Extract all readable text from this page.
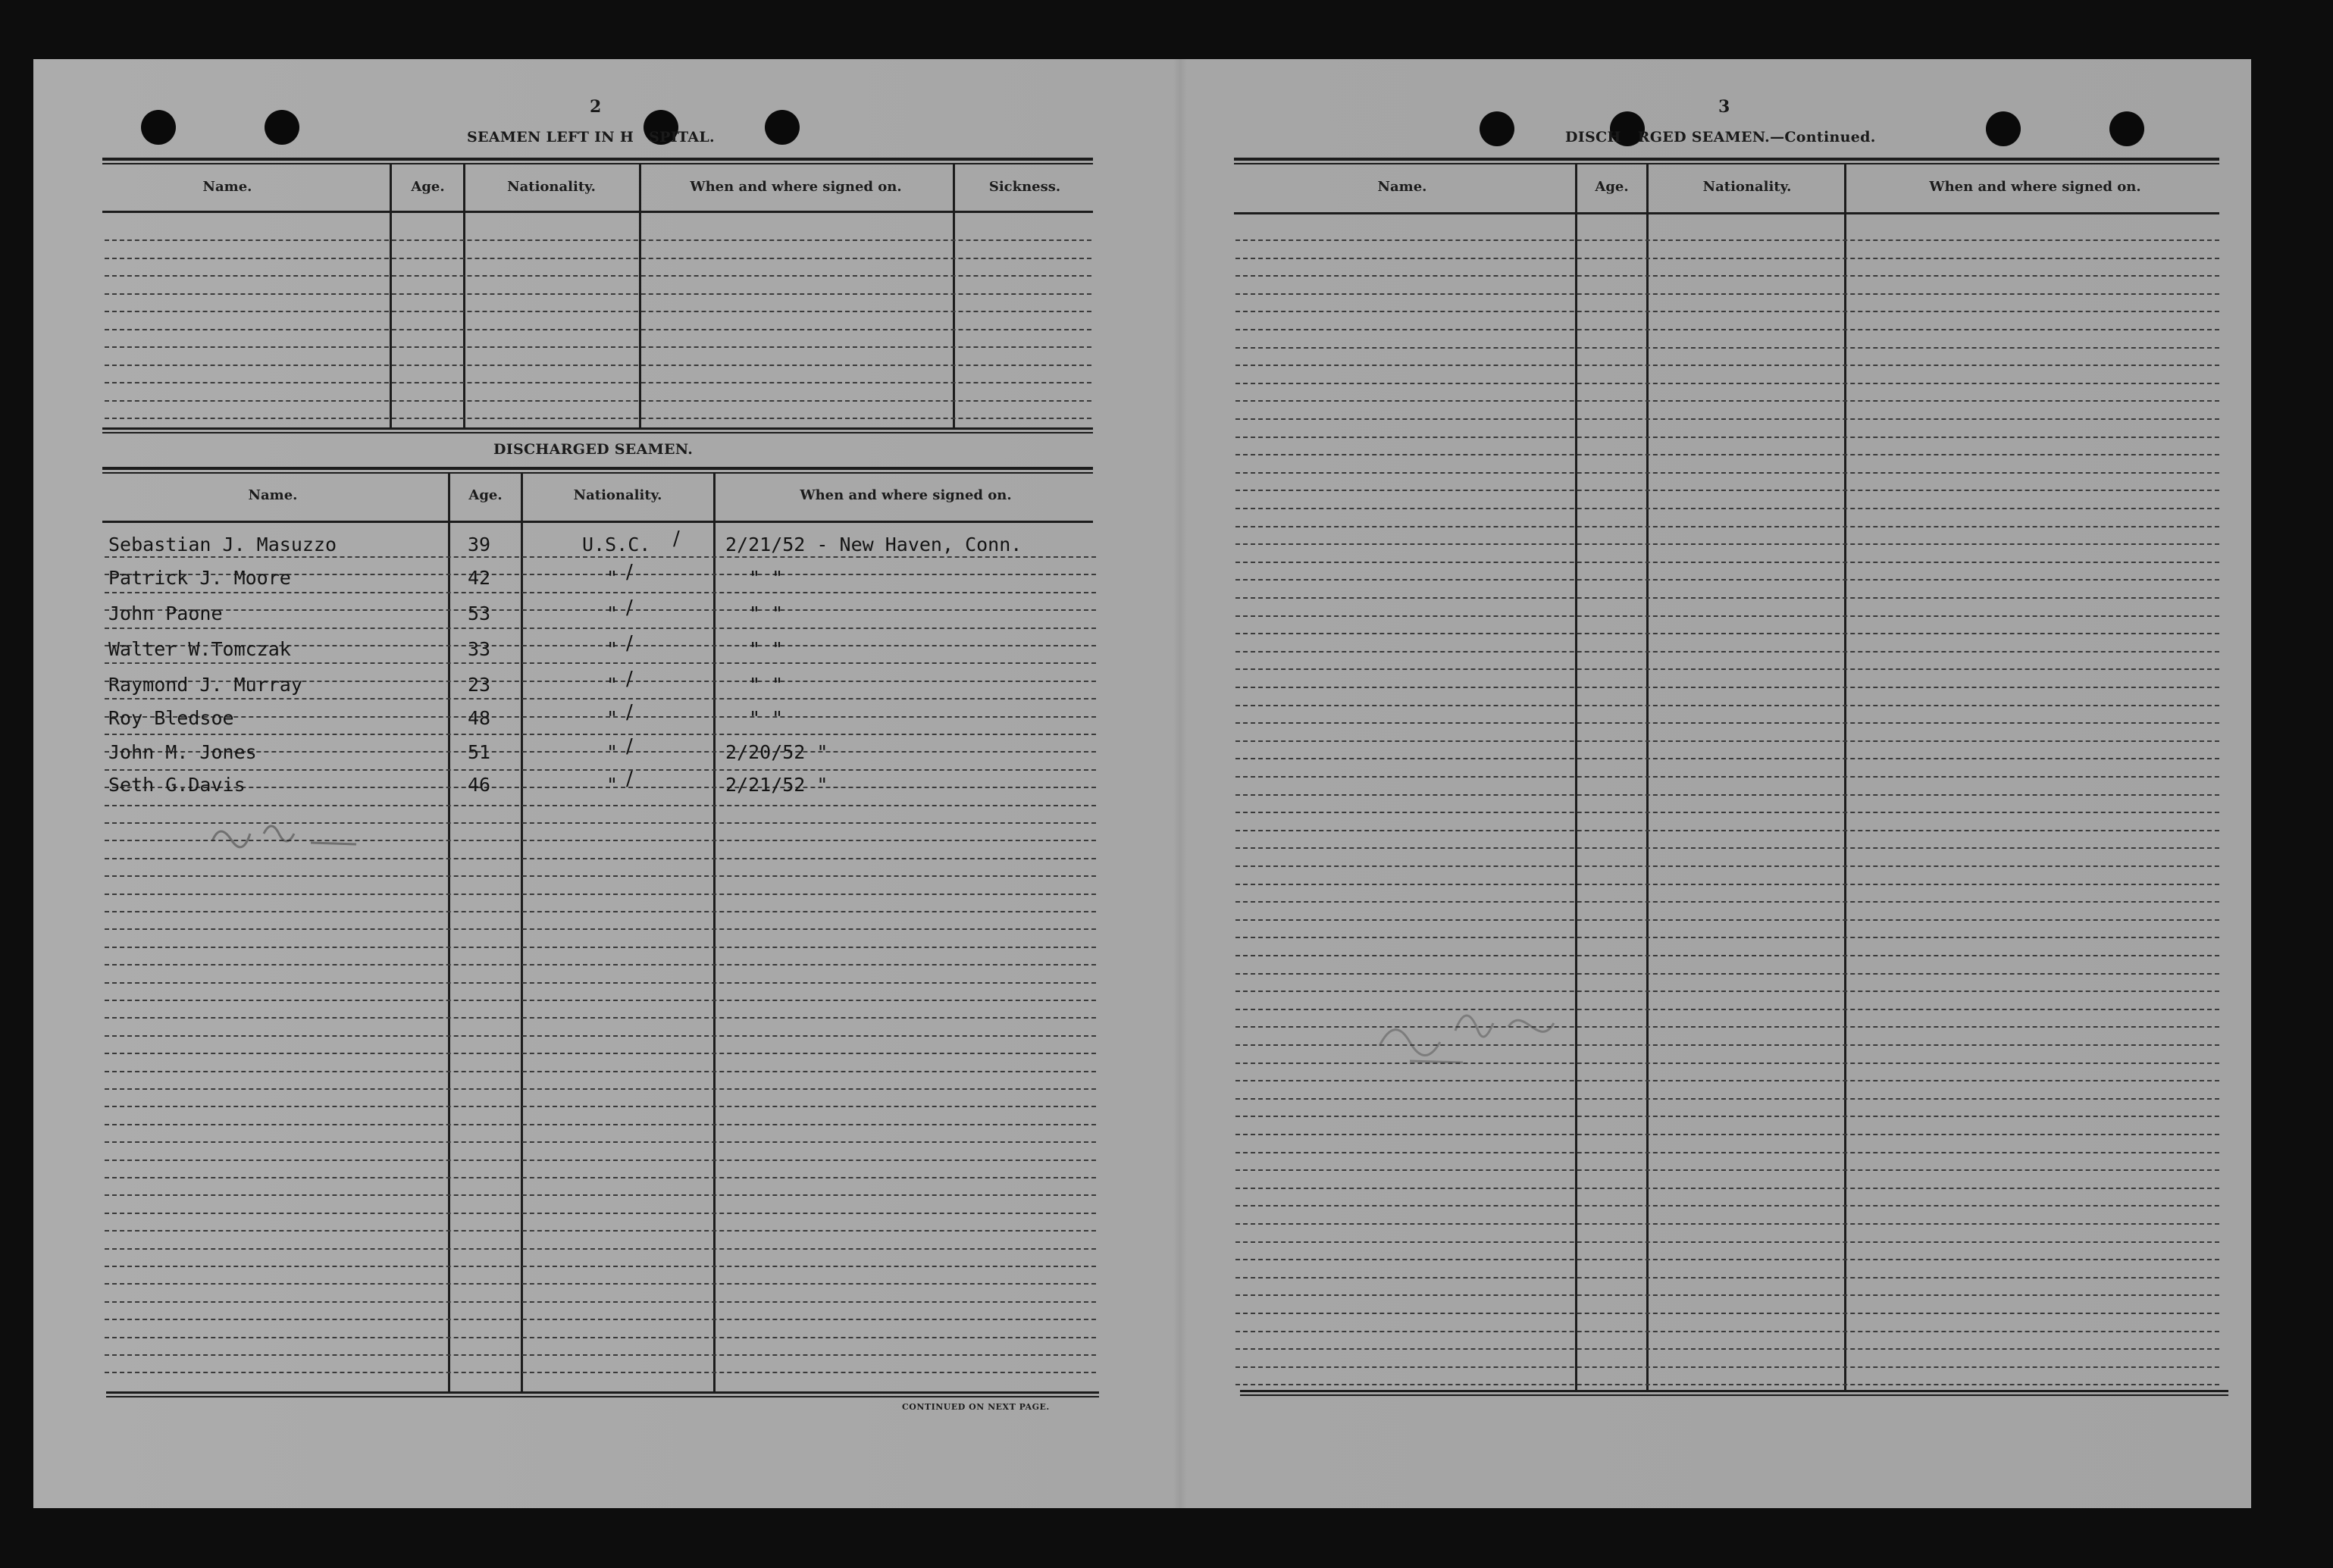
2
SEAMEN LEFT IN H SPITAL.
Name.	Age.	Nationality.	When and where signed on.	Sickness.
DISCHARGED SEAMEN.
Name.	Age.	Nationality.	When and where signed on.
Sebastian J. Masuzzo	39	U.S.C.	2/21/52 - New Haven, Conn.
∕
Patrick J. Moore	42	"	" "
∕
John Paone	53	"	" "
∕
Walter W.Tomczak	33	"	" "
∕
Raymond J. Murray	23	"	" "
∕
Roy Bledsoe	48	"	" "
∕
John M. Jones	51	"	2/20/52 "
∕
Seth G.Davis	46	"	2/21/52 "
∕
CONTINUED ON NEXT PAGE.
3
DISCH RGED SEAMEN.—Continued.
Name.	Age.	Nationality.	When and where signed on.
